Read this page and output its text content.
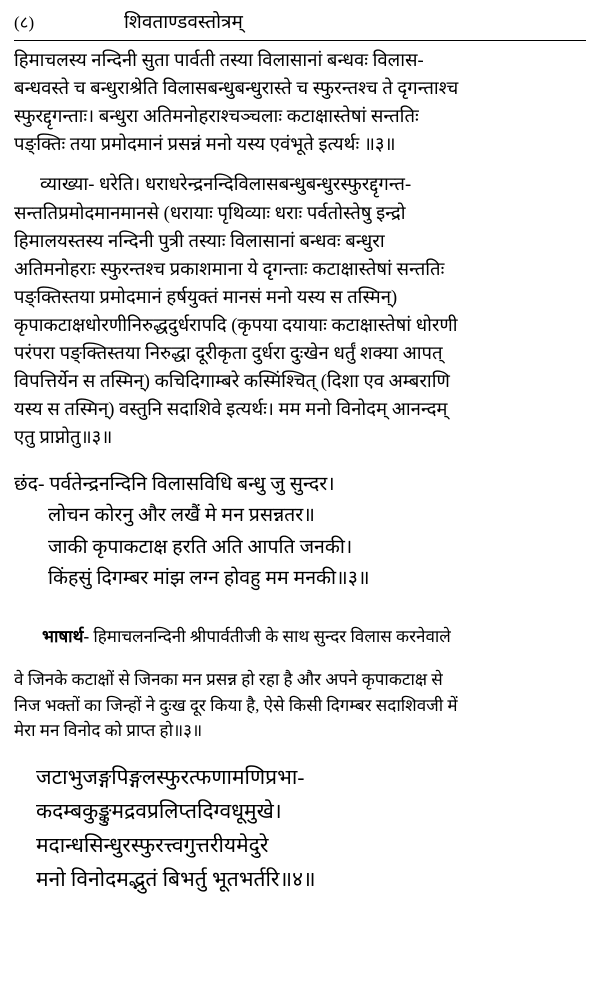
(८)	शिवताण्डवस्तोत्रम्

हिमाचलस्य नन्दिनी सुता पार्वती तस्या विलासानां बन्धवः विलास-

बन्धवस्ते च बन्धुराश्रेति विलासबन्धुबन्धुरास्ते च स्फुरन्तश्च ते दृगन्ताश्च

स्फुरद्दृगन्ताः। बन्धुरा अतिमनोहराश्चञ्चलाः कटाक्षास्तेषां सन्ततिः

पङ्क्तिः तया प्रमोदमानं प्रसन्नं मनो यस्य एवंभूते इत्यर्थः ॥३॥

व्याख्या- धरेति। धराधरेन्द्रनन्दिविलासबन्धुबन्धुरस्फुरद्दृगन्त-

सन्ततिप्रमोदमानमानसे (धरायाः पृथिव्याः धराः पर्वतोस्तेषु इन्द्रो

हिमालयस्तस्य नन्दिनी पुत्री तस्याः विलासानां बन्धवः बन्धुरा

अतिमनोहराः स्फुरन्तश्च प्रकाशमाना ये दृगन्ताः कटाक्षास्तेषां सन्ततिः

पङ्क्तिस्तया प्रमोदमानं हर्षयुक्तं मानसं मनो यस्य स तस्मिन्)

कृपाकटाक्षधोरणीनिरुद्धदुर्धरापदि (कृपया दयायाः कटाक्षास्तेषां धोरणी

परंपरा पङ्क्तिस्तया निरुद्धा दूरीकृता दुर्धरा दुःखेन धर्तुं शक्या आपत्

विपत्तिर्येन स तस्मिन्) कचिदिगाम्बरे कस्मिंश्चित् (दिशा एव अम्बराणि

यस्य स तस्मिन्) वस्तुनि सदाशिवे इत्यर्थः। मम मनो विनोदम् आनन्दम्

एतु प्राप्नोतु॥३॥

छंद- पर्वतेन्द्रनन्दिनि विलासविधि बन्धु जु सुन्दर।

लोचन कोरनु और लखैं मे मन प्रसन्नतर॥

जाकी कृपाकटाक्ष हरति अति आपति जनकी।

किंहसुं दिगम्बर मांझ लग्न होवहु मम मनकी॥३॥

भाषार्थ- हिमाचलनन्दिनी श्रीपार्वतीजी के साथ सुन्दर विलास करनेवाले

वे जिनके कटाक्षों से जिनका मन प्रसन्न हो रहा है और अपने कृपाकटाक्ष से

निज भक्तों का जिन्हों ने दुःख दूर किया है, ऐसे किसी दिगम्बर सदाशिवजी में

मेरा मन विनोद को प्राप्त हो॥३॥

जटाभुजङ्गपिङ्गलस्फुरत्फणामणिप्रभा-

कदम्बकुङ्कुमद्रवप्रलिप्तदिग्वधूमुखे।

मदान्धसिन्धुरस्फुरत्त्वगुत्तरीयमेदुरे

मनो विनोदमद्भुतं बिभर्तु भूतभर्तरि॥४॥
